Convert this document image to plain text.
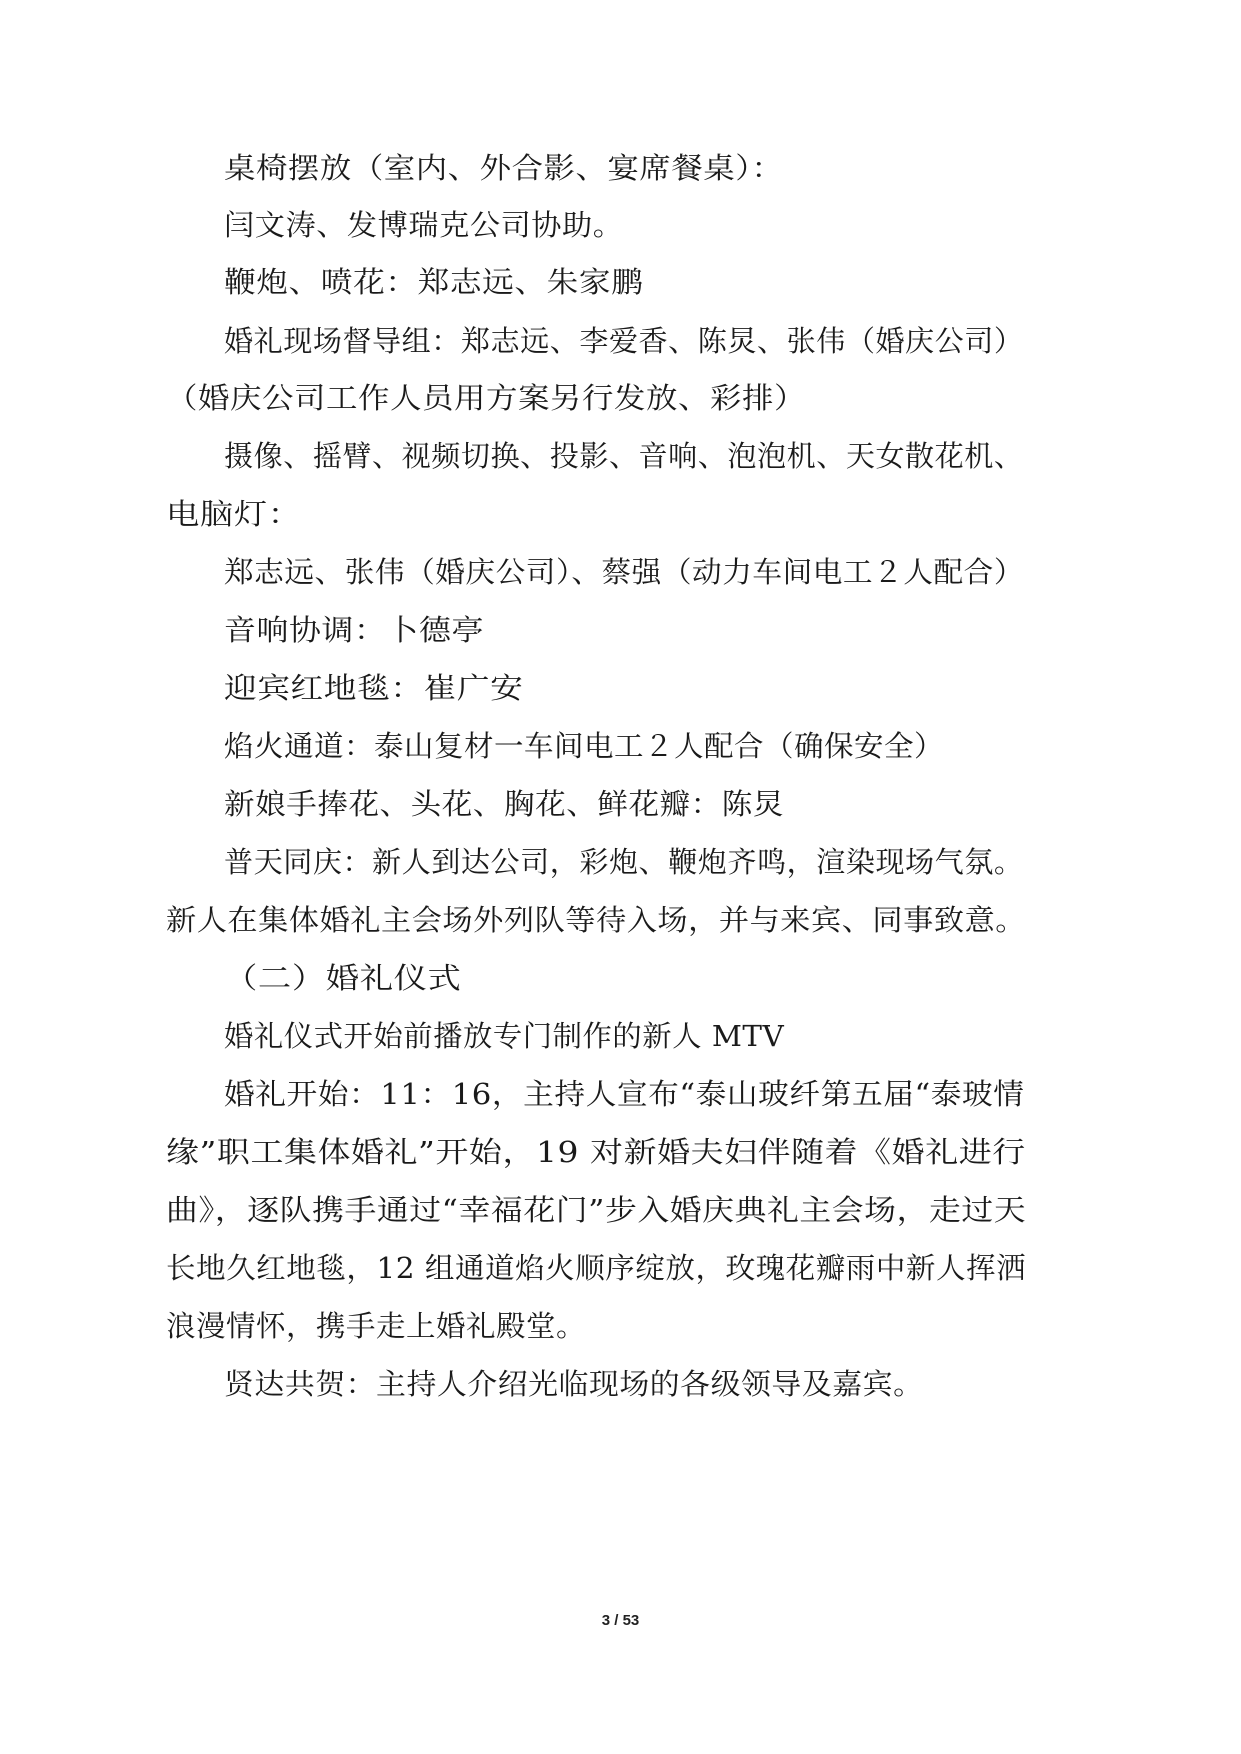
桌椅摆放（室内、外合影、宴席餐桌）：
闫文涛、发博瑞克公司协助。
鞭炮、喷花：郑志远、朱家鹏
婚礼现场督导组：郑志远、李爱香、陈炅、张伟（婚庆公司）
（婚庆公司工作人员用方案另行发放、彩排）
摄像、摇臂、视频切换、投影、音响、泡泡机、天女散花机、
电脑灯：
郑志远、张伟（婚庆公司）、蔡强（动力车间电工２人配合）
音响协调：卜德亭
迎宾红地毯：崔广安
焰火通道：泰山复材一车间电工２人配合（确保安全）
新娘手捧花、头花、胸花、鲜花瓣：陈炅
普天同庆：新人到达公司，彩炮、鞭炮齐鸣，渲染现场气氛。
新人在集体婚礼主会场外列队等待入场，并与来宾、同事致意。
（二）婚礼仪式
婚礼仪式开始前播放专门制作的新人 MTV
婚礼开始：11：16，主持人宣布“泰山玻纤第五届“泰玻情
缘”职工集体婚礼”开始，19 对新婚夫妇伴随着《婚礼进行
曲》，逐队携手通过“幸福花门”步入婚庆典礼主会场，走过天
长地久红地毯，12 组通道焰火顺序绽放，玫瑰花瓣雨中新人挥洒
浪漫情怀，携手走上婚礼殿堂。
贤达共贺：主持人介绍光临现场的各级领导及嘉宾。
3 / 53
